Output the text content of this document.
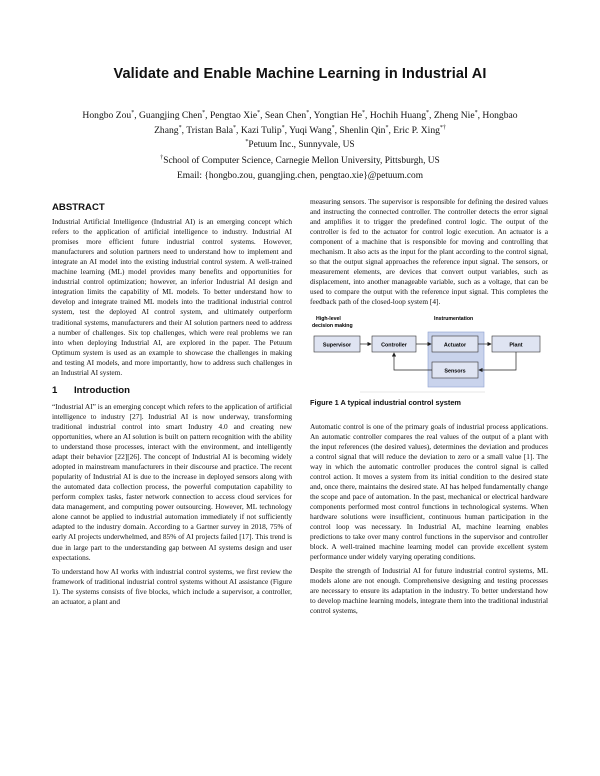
Validate and Enable Machine Learning in Industrial AI
Hongbo Zou*, Guangjing Chen*, Pengtao Xie*, Sean Chen*, Yongtian He*, Hochih Huang*, Zheng Nie*, Hongbao
Zhang*, Tristan Bala*, Kazi Tulip*, Yuqi Wang*, Shenlin Qin*, Eric P. Xing*†
*Petuum Inc., Sunnyvale, US
†School of Computer Science, Carnegie Mellon University, Pittsburgh, US
Email: {hongbo.zou, guangjing.chen, pengtao.xie}@petuum.com
ABSTRACT

Industrial Artificial Intelligence (Industrial AI) is an emerging concept which refers to the application of artificial intelligence to industry. Industrial AI promises more efficient future industrial control systems. However, manufacturers and solution partners need to understand how to implement and integrate an AI model into the existing industrial control system. A well-trained machine learning (ML) model provides many benefits and opportunities for industrial control optimization; however, an inferior Industrial AI design and integration limits the capability of ML models. To better understand how to develop and integrate trained ML models into the traditional industrial control system, test the deployed AI control system, and ultimately outperform traditional systems, manufacturers and their AI solution partners need to address a number of challenges. Six top challenges, which were real problems we ran into when deploying Industrial AI, are explored in the paper. The Petuum Optimum system is used as an example to showcase the challenges in making and testing AI models, and more importantly, how to address such challenges in an Industrial AI system.

1 Introduction

“Industrial AI” is an emerging concept which refers to the application of artificial intelligence to industry [27]. Industrial AI is now underway, transforming traditional industrial control into smart Industry 4.0 and creating new opportunities, where an AI solution is built on pattern recognition with the ability to understand those processes, interact with the environment, and intelligently adapt their behavior [22][26]. The concept of Industrial AI is becoming widely adopted in mainstream manufacturers in their discourse and practice. The recent popularity of Industrial AI is due to the increase in deployed sensors along with the automated data collection process, the powerful computation capability to perform complex tasks, faster network connection to access cloud services for data management, and computing power outsourcing. However, ML technology alone cannot be applied to industrial automation immediately if not sufficiently adapted to the industry domain. According to a Gartner survey in 2018, 75% of early AI projects underwhelmed, and 85% of AI projects failed [17]. This trend is due in large part to the understanding gap between AI systems design and user expectations.

To understand how AI works with industrial control systems, we first review the framework of traditional industrial control systems without AI assistance (Figure 1). The systems consists of five blocks, which include a supervisor, a controller, an actuator, a plant and

measuring sensors. The supervisor is responsible for defining the desired values and instructing the connected controller. The controller detects the error signal and amplifies it to trigger the predefined control logic. The output of the controller is fed to the actuator for control logic execution. An actuator is a component of a machine that is responsible for moving and controlling that mechanism. It also acts as the input for the plant according to the control signal, so that the output signal approaches the reference input signal. The sensors, or measurement elements, are devices that convert output variables, such as displacement, into another manageable variable, such as a voltage, that can be used to compare the output with the reference input signal. This completes the feedback path of the closed-loop system [4].

High-level
decision making
Instrumentation
Supervisor	Controller	Actuator	Plant
Sensors
Figure 1 A typical industrial control system

Automatic control is one of the primary goals of industrial process applications. An automatic controller compares the real values of the output of a plant with the input references (the desired values), determines the deviation and produces a control signal that will reduce the deviation to zero or a small value [1]. The way in which the automatic controller produces the control signal is called control action. It moves a system from its initial condition to the desired state and, once there, maintains the desired state. AI has helped fundamentally change the scope and pace of automation. In the past, mechanical or electrical hardware components performed most control functions in technological systems. When hardware solutions were insufficient, continuous human participation in the control loop was necessary. In Industrial AI, machine learning enables predictions to take over many control functions in the supervisor and controller block. A well-trained machine learning model can provide excellent system performance under widely varying operating conditions.

Despite the strength of Industrial AI for future industrial control systems, ML models alone are not enough. Comprehensive designing and testing processes are necessary to ensure its adaptation in the industry. To better understand how to develop machine learning models, integrate them into the traditional industrial control systems,
